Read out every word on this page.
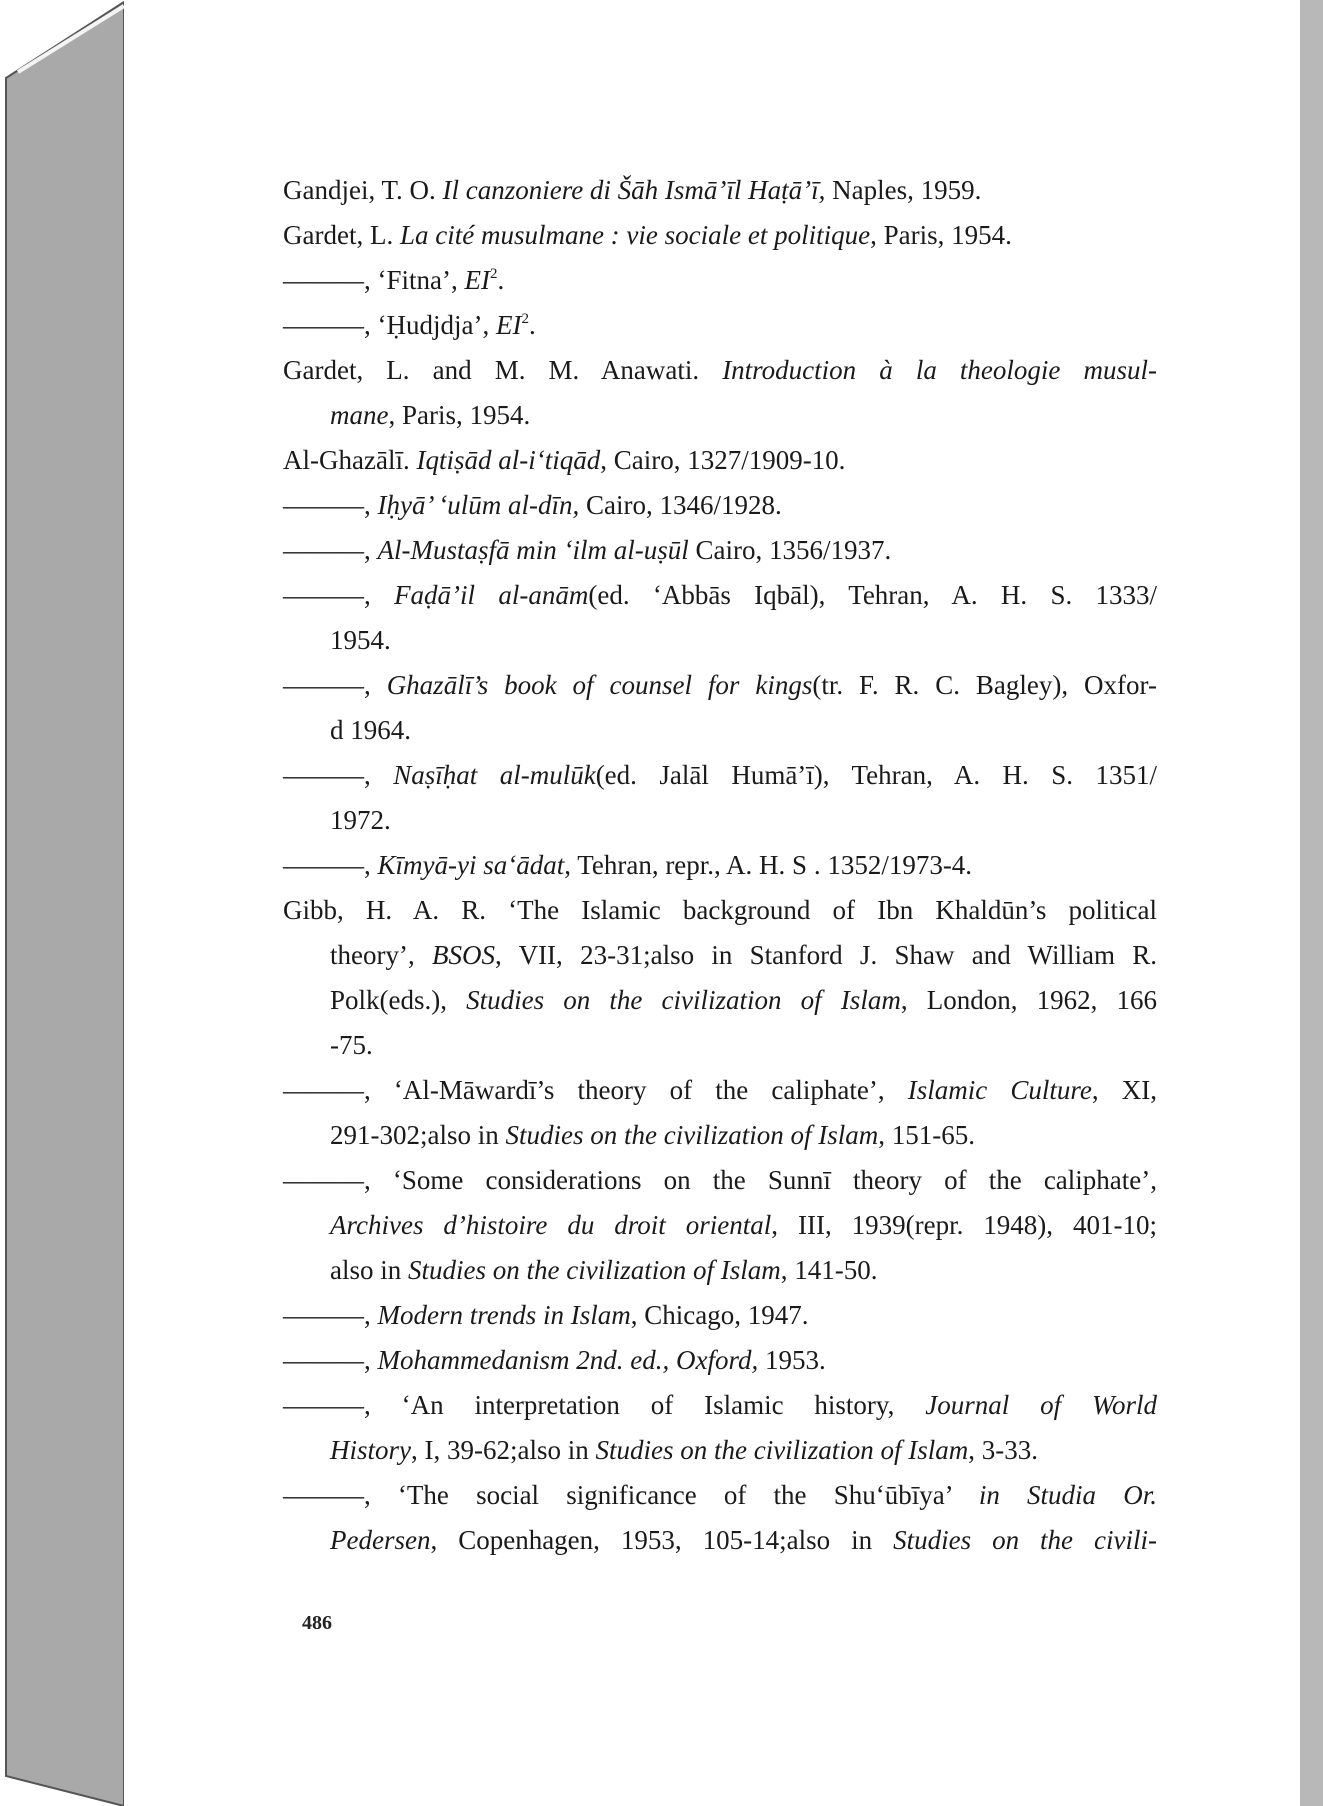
Gandjei, T. O. Il canzoniere di Šāh Ismā’īl Haṭā’ī, Naples, 1959.
Gardet, L. La cité musulmane : vie sociale et politique, Paris, 1954.
———, ‘Fitna’, $EI^2$.
———, ‘Ḥudjdja’, $EI^2$.
Gardet, L. and M. M. Anawati. Introduction à la theologie musul-
mane, Paris, 1954.
Al-Ghazālī. Iqtiṣād al-i‘tiqād, Cairo, 1327/1909-10.
———, Iḥyā’ ‘ulūm al-dīn, Cairo, 1346/1928.
———, Al-Mustaṣfā min ‘ilm al-uṣūl Cairo, 1356/1937.
———, Faḍā’il al-anām(ed. ‘Abbās Iqbāl), Tehran, A. H. S. 1333/
1954.
———, Ghazālī’s book of counsel for kings(tr. F. R. C. Bagley), Oxfor-
d 1964.
———, Naṣīḥat al-mulūk(ed. Jalāl Humā’ī), Tehran, A. H. S. 1351/
1972.
———, Kīmyā-yi sa‘ādat, Tehran, repr., A. H. S . 1352/1973-4.
Gibb, H. A. R. ‘The Islamic background of Ibn Khaldūn’s political
theory’, BSOS, VII, 23-31;also in Stanford J. Shaw and William R.
Polk(eds.), Studies on the civilization of Islam, London, 1962, 166
-75.
———, ‘Al-Māwardī’s theory of the caliphate’, Islamic Culture, XI,
291-302;also in Studies on the civilization of Islam, 151-65.
———, ‘Some considerations on the Sunnī theory of the caliphate’,
Archives d’histoire du droit oriental, III, 1939(repr. 1948), 401-10;
also in Studies on the civilization of Islam, 141-50.
———, Modern trends in Islam, Chicago, 1947.
———, Mohammedanism 2nd. ed., Oxford, 1953.
———, ‘An interpretation of Islamic history, Journal of World
History, I, 39-62;also in Studies on the civilization of Islam, 3-33.
———, ‘The social significance of the Shu‘ūbīya’ in Studia Or.
Pedersen, Copenhagen, 1953, 105-14;also in Studies on the civili-
486
